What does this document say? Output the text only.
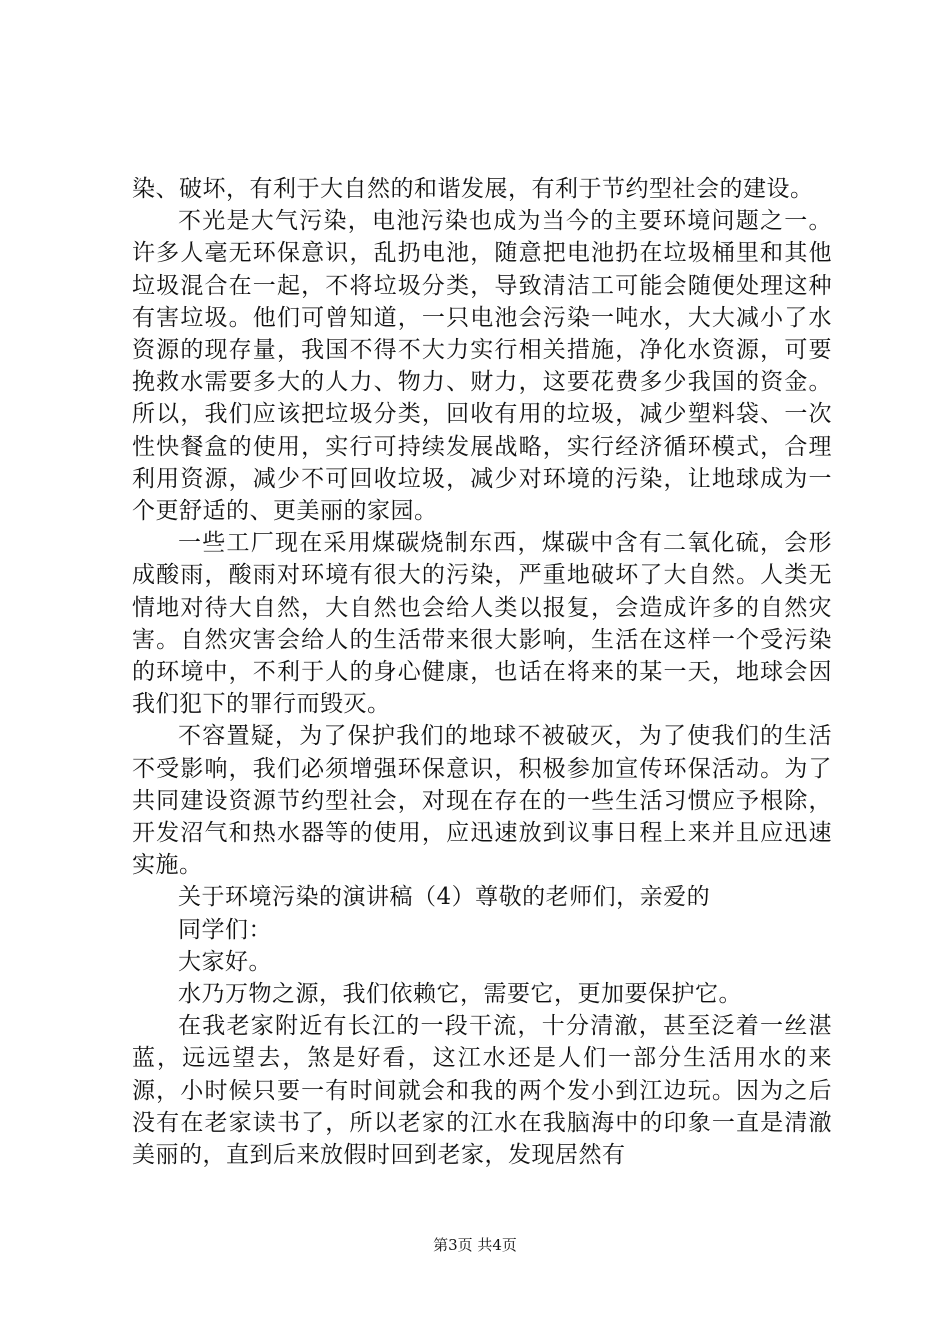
染、破坏，有利于大自然的和谐发展，有利于节约型社会的建设。

不光是大气污染，电池污染也成为当今的主要环境问题之一。许多人毫无环保意识，乱扔电池，随意把电池扔在垃圾桶里和其他垃圾混合在一起，不将垃圾分类，导致清洁工可能会随便处理这种有害垃圾。他们可曾知道，一只电池会污染一吨水，大大减小了水资源的现存量，我国不得不大力实行相关措施，净化水资源，可要挽救水需要多大的人力、物力、财力，这要花费多少我国的资金。所以，我们应该把垃圾分类，回收有用的垃圾，减少塑料袋、一次性快餐盒的使用，实行可持续发展战略，实行经济循环模式，合理利用资源，减少不可回收垃圾，减少对环境的污染，让地球成为一个更舒适的、更美丽的家园。

一些工厂现在采用煤碳烧制东西，煤碳中含有二氧化硫，会形成酸雨，酸雨对环境有很大的污染，严重地破坏了大自然。人类无情地对待大自然，大自然也会给人类以报复，会造成许多的自然灾害。自然灾害会给人的生活带来很大影响，生活在这样一个受污染的环境中，不利于人的身心健康，也话在将来的某一天，地球会因我们犯下的罪行而毁灭。

不容置疑，为了保护我们的地球不被破灭，为了使我们的生活不受影响，我们必须增强环保意识，积极参加宣传环保活动。为了共同建设资源节约型社会，对现在存在的一些生活习惯应予根除，开发沼气和热水器等的使用，应迅速放到议事日程上来并且应迅速实施。

关于环境污染的演讲稿（4）尊敬的老师们，亲爱的

同学们：

大家好。

水乃万物之源，我们依赖它，需要它，更加要保护它。

在我老家附近有长江的一段干流，十分清澈，甚至泛着一丝湛蓝，远远望去，煞是好看，这江水还是人们一部分生活用水的来源，小时候只要一有时间就会和我的两个发小到江边玩。因为之后没有在老家读书了，所以老家的江水在我脑海中的印象一直是清澈美丽的，直到后来放假时回到老家，发现居然有

第3页 共4页
